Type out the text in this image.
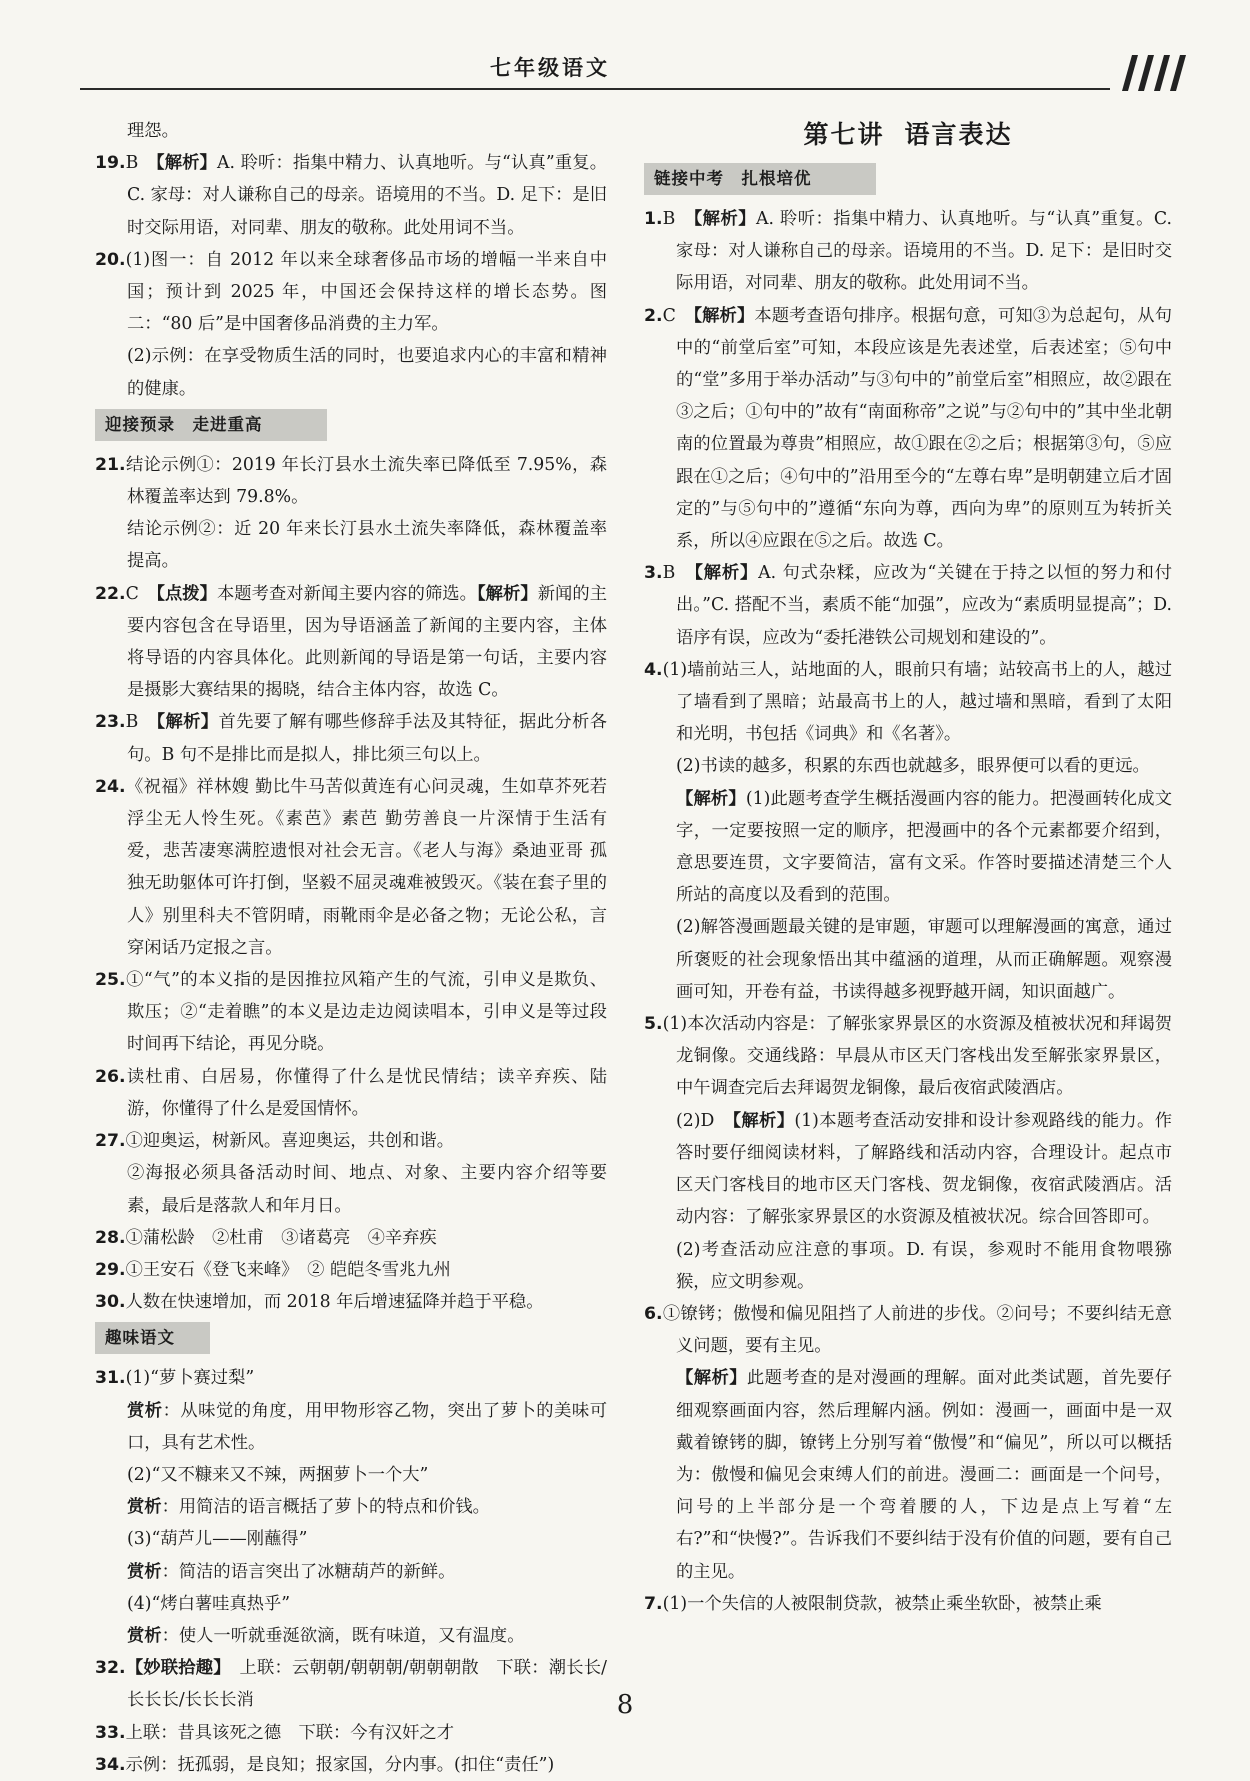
七年级语文

理怨。

19.B　 【解析】A. 聆听：指集中精力、认真地听。与“认真”重复。C. 家母：对人谦称自己的母亲。语境用的不当。D. 足下：是旧时交际用语，对同辈、朋友的敬称。此处用词不当。

20.(1)图一：自 2012 年以来全球奢侈品市场的增幅一半来自中国；预计到 2025 年，中国还会保持这样的增长态势。图二：“80 后”是中国奢侈品消费的主力军。

(2)示例：在享受物质生活的同时，也要追求内心的丰富和精神的健康。

迎接预录　走进重高

21.结论示例①：2019 年长汀县水土流失率已降低至 7.95%，森林覆盖率达到 79.8%。

结论示例②：近 20 年来长汀县水土流失率降低，森林覆盖率提高。

22.C　 【点拨】本题考查对新闻主要内容的筛选。【解析】新闻的主要内容包含在导语里，因为导语涵盖了新闻的主要内容，主体将导语的内容具体化。此则新闻的导语是第一句话，主要内容是摄影大赛结果的揭晓，结合主体内容，故选 C。

23.B　 【解析】首先要了解有哪些修辞手法及其特征，据此分析各句。B 句不是排比而是拟人，排比须三句以上。

24.《祝福》祥林嫂 勤比牛马苦似黄连有心问灵魂，生如草芥死若浮尘无人怜生死。《素芭》素芭 勤劳善良一片深情于生活有爱，悲苦凄寒满腔遗恨对社会无言。《老人与海》桑迪亚哥 孤独无助躯体可许打倒，坚毅不屈灵魂难被毁灭。《装在套子里的人》别里科夫不管阴晴，雨靴雨伞是必备之物；无论公私，言穿闲话乃定报之言。

25.①“气”的本义指的是因推拉风箱产生的气流，引申义是欺负、欺压；②“走着瞧”的本义是边走边阅读唱本，引申义是等过段时间再下结论，再见分晓。

26.读杜甫、白居易，你懂得了什么是忧民情结；读辛弃疾、陆游，你懂得了什么是爱国情怀。

27.①迎奥运，树新风。喜迎奥运，共创和谐。

②海报必须具备活动时间、地点、对象、主要内容介绍等要素，最后是落款人和年月日。

28.①蒲松龄　②杜甫　③诸葛亮　④辛弃疾

29.①王安石《登飞来峰》　② 皑皑冬雪兆九州

30.人数在快速增加，而 2018 年后增速猛降并趋于平稳。

趣味语文

31.(1)“萝卜赛过梨”

赏析：从味觉的角度，用甲物形容乙物，突出了萝卜的美味可口，具有艺术性。

(2)“又不糠来又不辣，两捆萝卜一个大”

赏析：用简洁的语言概括了萝卜的特点和价钱。

(3)“葫芦儿——刚蘸得”

赏析：简洁的语言突出了冰糖葫芦的新鲜。

(4)“烤白薯哇真热乎”

赏析：使人一听就垂涎欲滴，既有味道，又有温度。

32.【妙联拾趣】　 上联：云朝朝/朝朝朝/朝朝朝散　下联：潮长长/长长长/长长长消

33.上联：昔具该死之德　下联：今有汉奸之才

34.示例：抚孤弱，是良知；报家国，分内事。(扣住“责任”)

第七讲 语言表达
链接中考　扎根培优

1.B　 【解析】A. 聆听：指集中精力、认真地听。与“认真”重复。C. 家母：对人谦称自己的母亲。语境用的不当。D. 足下：是旧时交际用语，对同辈、朋友的敬称。此处用词不当。

2.C　 【解析】本题考查语句排序。根据句意，可知③为总起句，从句中的“前堂后室”可知，本段应该是先表述堂，后表述室；⑤句中的“堂”多用于举办活动”与③句中的”前堂后室”相照应，故②跟在③之后；①句中的”故有“南面称帝”之说”与②句中的”其中坐北朝南的位置最为尊贵”相照应，故①跟在②之后；根据第③句，⑤应跟在①之后；④句中的”沿用至今的“左尊右卑”是明朝建立后才固定的”与⑤句中的”遵循“东向为尊，西向为卑”的原则互为转折关系，所以④应跟在⑤之后。故选 C。

3.B　 【解析】A. 句式杂糅，应改为“关键在于持之以恒的努力和付出。”C. 搭配不当，素质不能“加强”，应改为“素质明显提高”；D. 语序有误，应改为“委托港铁公司规划和建设的”。

4.(1)墙前站三人，站地面的人，眼前只有墙；站较高书上的人，越过了墙看到了黑暗；站最高书上的人，越过墙和黑暗，看到了太阳和光明，书包括《词典》和《名著》。

(2)书读的越多，积累的东西也就越多，眼界便可以看的更远。

【解析】(1)此题考查学生概括漫画内容的能力。把漫画转化成文字，一定要按照一定的顺序，把漫画中的各个元素都要介绍到，意思要连贯，文字要简洁，富有文采。作答时要描述清楚三个人所站的高度以及看到的范围。

(2)解答漫画题最关键的是审题，审题可以理解漫画的寓意，通过所褒贬的社会现象悟出其中蕴涵的道理，从而正确解题。观察漫画可知，开卷有益，书读得越多视野越开阔，知识面越广。

5.(1)本次活动内容是：了解张家界景区的水资源及植被状况和拜谒贺龙铜像。交通线路：早晨从市区天门客栈出发至解张家界景区，中午调查完后去拜谒贺龙铜像，最后夜宿武陵酒店。

(2)D　 【解析】(1)本题考查活动安排和设计参观路线的能力。作答时要仔细阅读材料，了解路线和活动内容，合理设计。起点市区天门客栈目的地市区天门客栈、贺龙铜像，夜宿武陵酒店。活动内容：了解张家界景区的水资源及植被状况。综合回答即可。

(2)考查活动应注意的事项。D. 有误，参观时不能用食物喂猕猴，应文明参观。

6.①镣铐；傲慢和偏见阻挡了人前进的步伐。②问号；不要纠结无意义问题，要有主见。

【解析】此题考查的是对漫画的理解。面对此类试题，首先要仔细观察画面内容，然后理解内涵。例如：漫画一，画面中是一双戴着镣铐的脚，镣铐上分别写着“傲慢”和“偏见”，所以可以概括为：傲慢和偏见会束缚人们的前进。漫画二：画面是一个问号，问号的上半部分是一个弯着腰的人，下边是点上写着“左右?”和“快慢?”。告诉我们不要纠结于没有价值的问题，要有自己的主见。

7.(1)一个失信的人被限制贷款，被禁止乘坐软卧，被禁止乘

8
